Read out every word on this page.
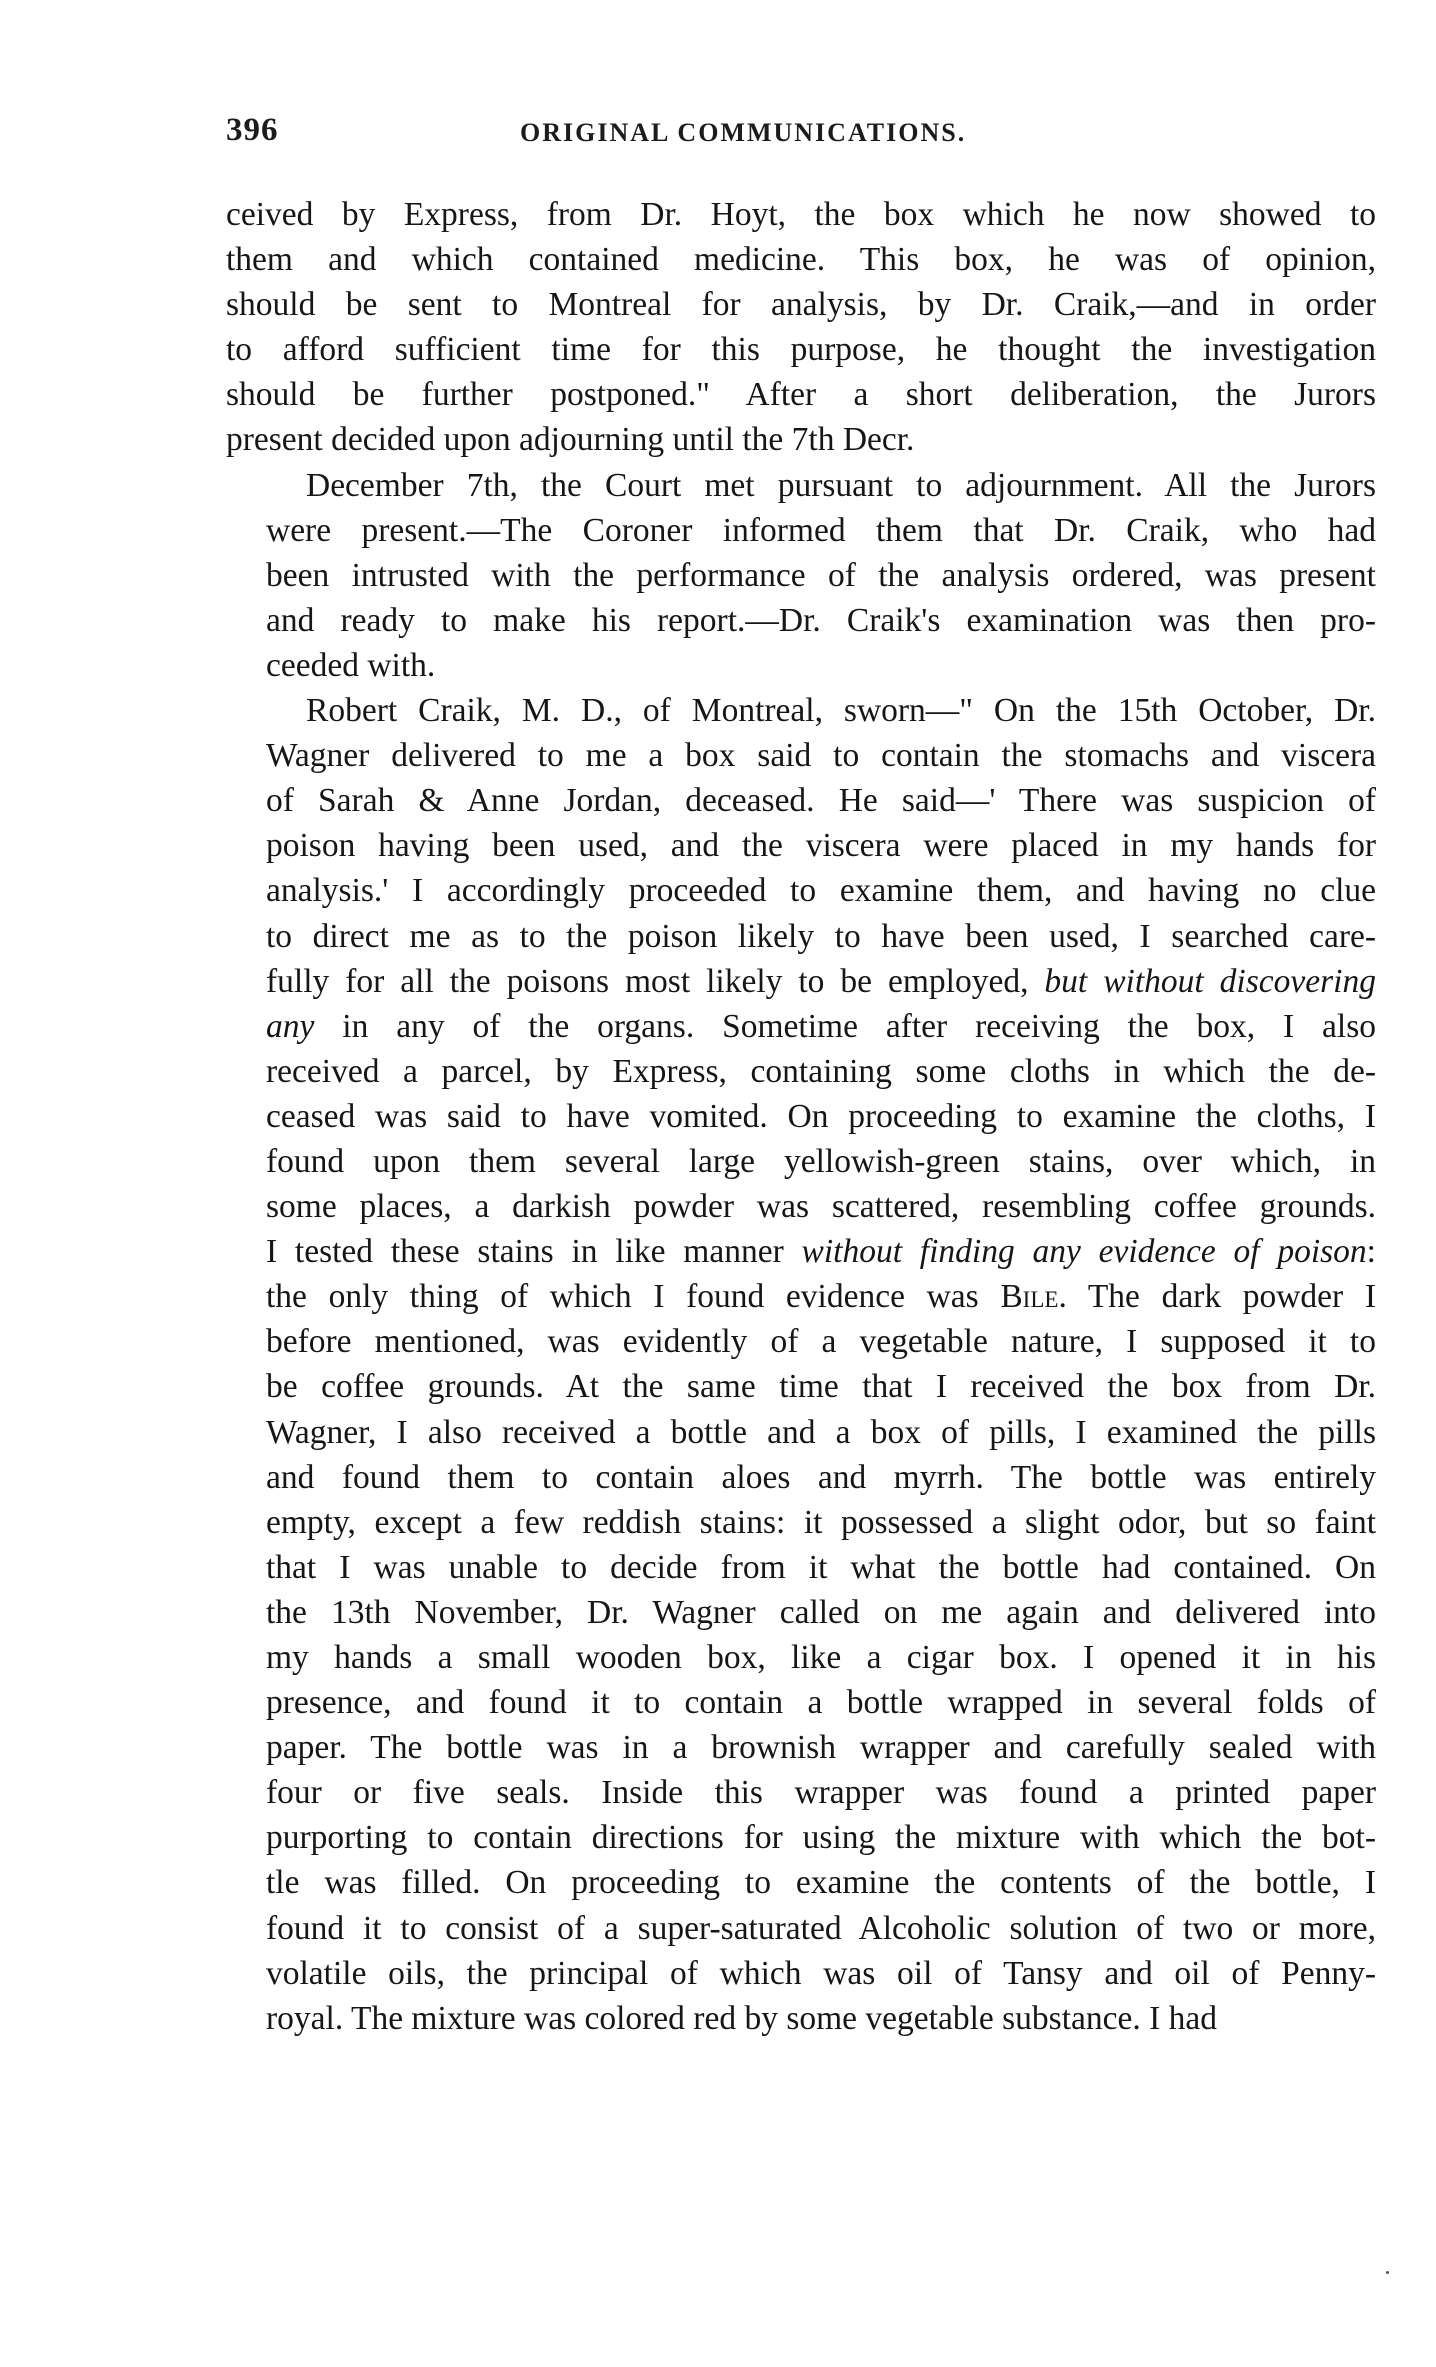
396	ORIGINAL COMMUNICATIONS.
ceived by Express, from Dr. Hoyt, the box which he now showed to
them and which contained medicine. This box, he was of opinion,
should be sent to Montreal for analysis, by Dr. Craik,—and in order
to afford sufficient time for this purpose, he thought the investigation
should be further postponed." After a short deliberation, the Jurors
present decided upon adjourning until the 7th Decr.
December 7th, the Court met pursuant to adjournment. All the Jurors
were present.—The Coroner informed them that Dr. Craik, who had
been intrusted with the performance of the analysis ordered, was present
and ready to make his report.—Dr. Craik's examination was then pro-
ceeded with.
Robert Craik, M. D., of Montreal, sworn—" On the 15th October, Dr.
Wagner delivered to me a box said to contain the stomachs and viscera
of Sarah & Anne Jordan, deceased. He said—' There was suspicion of
poison having been used, and the viscera were placed in my hands for
analysis.' I accordingly proceeded to examine them, and having no clue
to direct me as to the poison likely to have been used, I searched care-
fully for all the poisons most likely to be employed, but without discovering
any in any of the organs. Sometime after receiving the box, I also
received a parcel, by Express, containing some cloths in which the de-
ceased was said to have vomited. On proceeding to examine the cloths, I
found upon them several large yellowish-green stains, over which, in
some places, a darkish powder was scattered, resembling coffee grounds.
I tested these stains in like manner without finding any evidence of poison:
the only thing of which I found evidence was Bile. The dark powder I
before mentioned, was evidently of a vegetable nature, I supposed it to
be coffee grounds. At the same time that I received the box from Dr.
Wagner, I also received a bottle and a box of pills, I examined the pills
and found them to contain aloes and myrrh. The bottle was entirely
empty, except a few reddish stains: it possessed a slight odor, but so faint
that I was unable to decide from it what the bottle had contained. On
the 13th November, Dr. Wagner called on me again and delivered into
my hands a small wooden box, like a cigar box. I opened it in his
presence, and found it to contain a bottle wrapped in several folds of
paper. The bottle was in a brownish wrapper and carefully sealed with
four or five seals. Inside this wrapper was found a printed paper
purporting to contain directions for using the mixture with which the bot-
tle was filled. On proceeding to examine the contents of the bottle, I
found it to consist of a super-saturated Alcoholic solution of two or more,
volatile oils, the principal of which was oil of Tansy and oil of Penny-
royal. The mixture was colored red by some vegetable substance. I had
